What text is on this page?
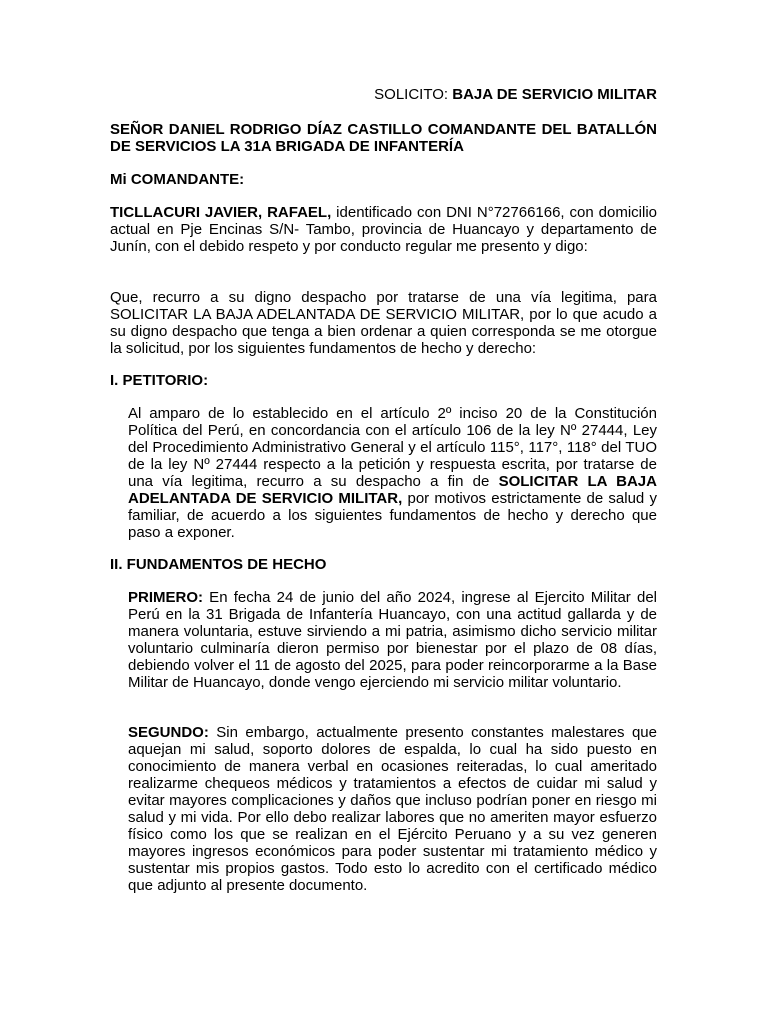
SOLICITO: BAJA DE SERVICIO MILITAR

SEÑOR DANIEL RODRIGO DÍAZ CASTILLO COMANDANTE DEL BATALLÓN DE SERVICIOS LA 31A BRIGADA DE INFANTERÍA

Mi COMANDANTE:

TICLLACURI JAVIER, RAFAEL, identificado con DNI N°72766166, con domicilio actual en Pje Encinas S/N- Tambo, provincia de Huancayo y departamento de Junín, con el debido respeto y por conducto regular me presento y digo:

Que, recurro a su digno despacho por tratarse de una vía legitima, para SOLICITAR LA BAJA ADELANTADA DE SERVICIO MILITAR, por lo que acudo a su digno despacho que tenga a bien ordenar a quien corresponda se me otorgue la solicitud, por los siguientes fundamentos de hecho y derecho:

I. PETITORIO:

Al amparo de lo establecido en el artículo 2º inciso 20 de la Constitución Política del Perú, en concordancia con el artículo 106 de la ley Nº 27444, Ley del Procedimiento Administrativo General y el artículo 115°, 117°, 118° del TUO de la ley Nº 27444 respecto a la petición y respuesta escrita, por tratarse de una vía legitima, recurro a su despacho a fin de SOLICITAR LA BAJA ADELANTADA DE SERVICIO MILITAR, por motivos estrictamente de salud y familiar, de acuerdo a los siguientes fundamentos de hecho y derecho que paso a exponer.

II. FUNDAMENTOS DE HECHO

PRIMERO: En fecha 24 de junio del año 2024, ingrese al Ejercito Militar del Perú en la 31 Brigada de Infantería Huancayo, con una actitud gallarda y de manera voluntaria, estuve sirviendo a mi patria, asimismo dicho servicio militar voluntario culminaría dieron permiso por bienestar por el plazo de 08 días, debiendo volver el 11 de agosto del 2025, para poder reincorporarme a la Base Militar de Huancayo, donde vengo ejerciendo mi servicio militar voluntario.

SEGUNDO: Sin embargo, actualmente presento constantes malestares que aquejan mi salud, soporto dolores de espalda, lo cual ha sido puesto en conocimiento de manera verbal en ocasiones reiteradas, lo cual ameritado realizarme chequeos médicos y tratamientos a efectos de cuidar mi salud y evitar mayores complicaciones y daños que incluso podrían poner en riesgo mi salud y mi vida. Por ello debo realizar labores que no ameriten mayor esfuerzo físico como los que se realizan en el Ejército Peruano y a su vez generen mayores ingresos económicos para poder sustentar mi tratamiento médico y sustentar mis propios gastos. Todo esto lo acredito con el certificado médico que adjunto al presente documento.
